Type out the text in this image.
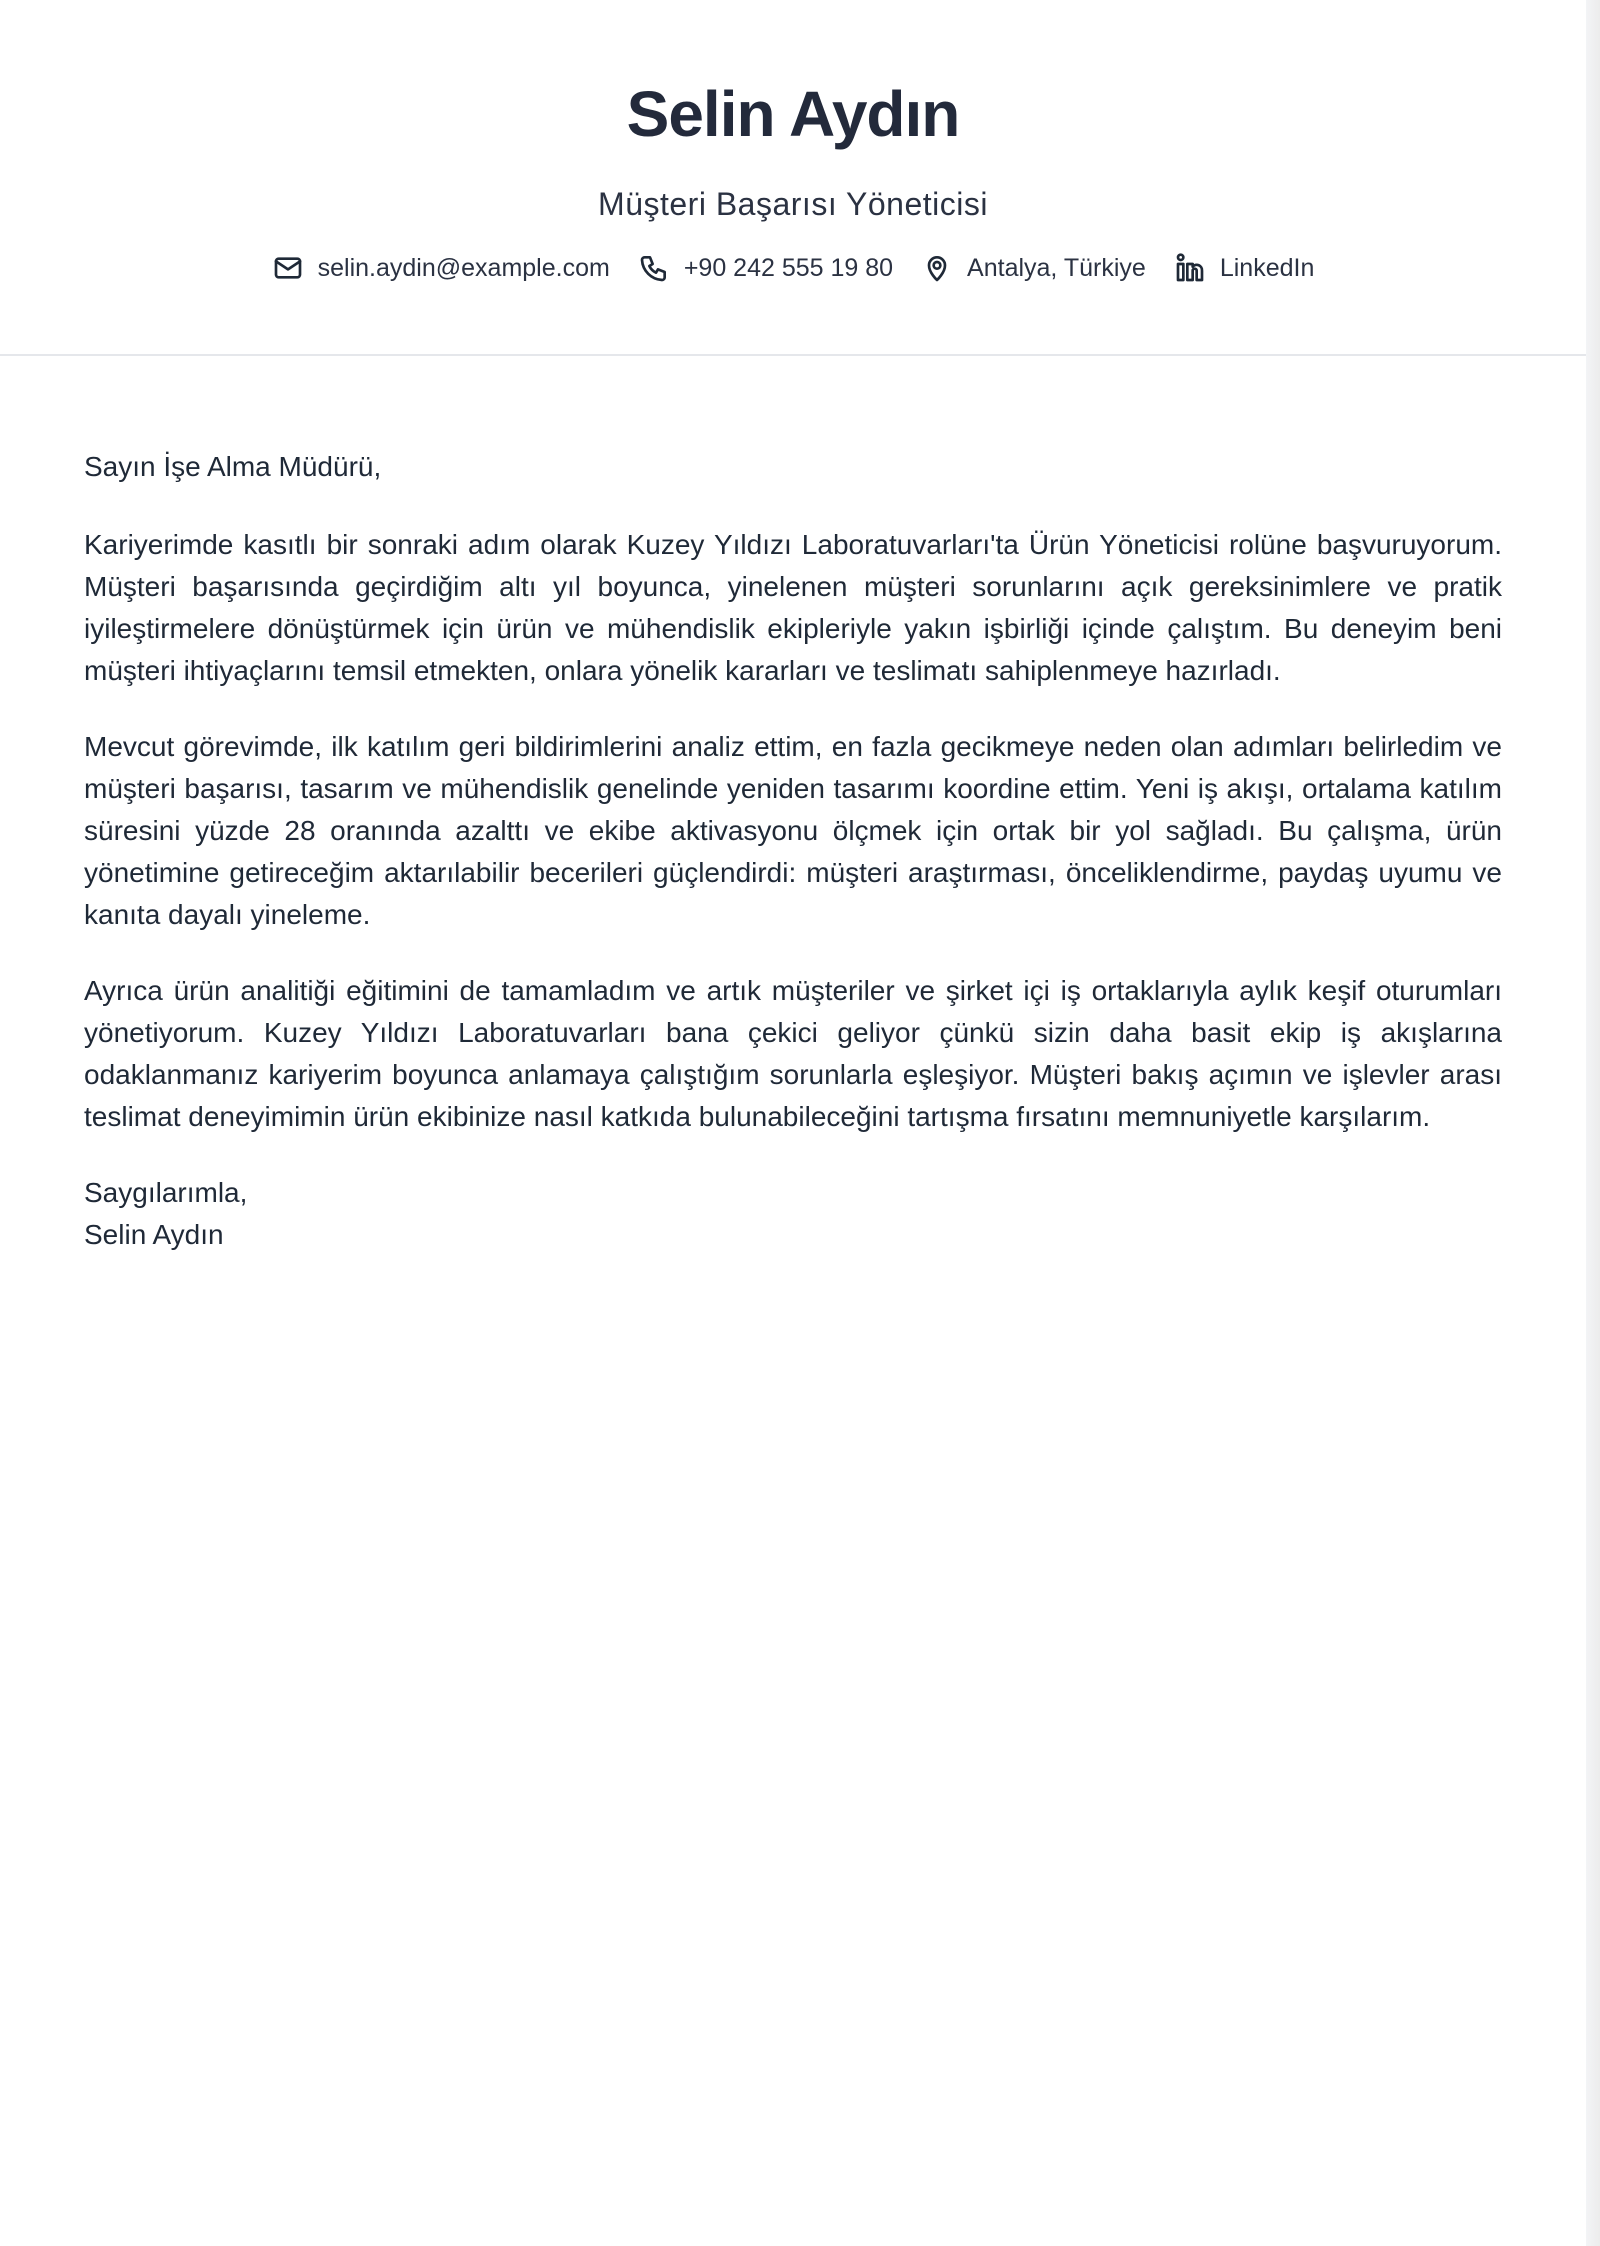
Selin Aydın

Müşteri Başarısı Yöneticisi

selin.aydin@example.com	+90 242 555 19 80	Antalya, Türkiye	LinkedIn

Sayın İşe Alma Müdürü,

Kariyerimde kasıtlı bir sonraki adım olarak Kuzey Yıldızı Laboratuvarları'ta Ürün Yöneticisi rolüne başvuruyorum. Müşteri başarısında geçirdiğim altı yıl boyunca, yinelenen müşteri sorunlarını açık gereksinimlere ve pratik iyileştirmelere dönüştürmek için ürün ve mühendislik ekipleriyle yakın işbirliği içinde çalıştım. Bu deneyim beni müşteri ihtiyaçlarını temsil etmekten, onlara yönelik kararları ve teslimatı sahiplenmeye hazırladı.

Mevcut görevimde, ilk katılım geri bildirimlerini analiz ettim, en fazla gecikmeye neden olan adımları belirledim ve müşteri başarısı, tasarım ve mühendislik genelinde yeniden tasarımı koordine ettim. Yeni iş akışı, ortalama katılım süresini yüzde 28 oranında azalttı ve ekibe aktivasyonu ölçmek için ortak bir yol sağladı. Bu çalışma, ürün yönetimine getireceğim aktarılabilir becerileri güçlendirdi: müşteri araştırması, önceliklendirme, paydaş uyumu ve kanıta dayalı yineleme.

Ayrıca ürün analitiği eğitimini de tamamladım ve artık müşteriler ve şirket içi iş ortaklarıyla aylık keşif oturumları yönetiyorum. Kuzey Yıldızı Laboratuvarları bana çekici geliyor çünkü sizin daha basit ekip iş akışlarına odaklanmanız kariyerim boyunca anlamaya çalıştığım sorunlarla eşleşiyor. Müşteri bakış açımın ve işlevler arası teslimat deneyimimin ürün ekibinize nasıl katkıda bulunabileceğini tartışma fırsatını memnuniyetle karşılarım.

Saygılarımla,

Selin Aydın
